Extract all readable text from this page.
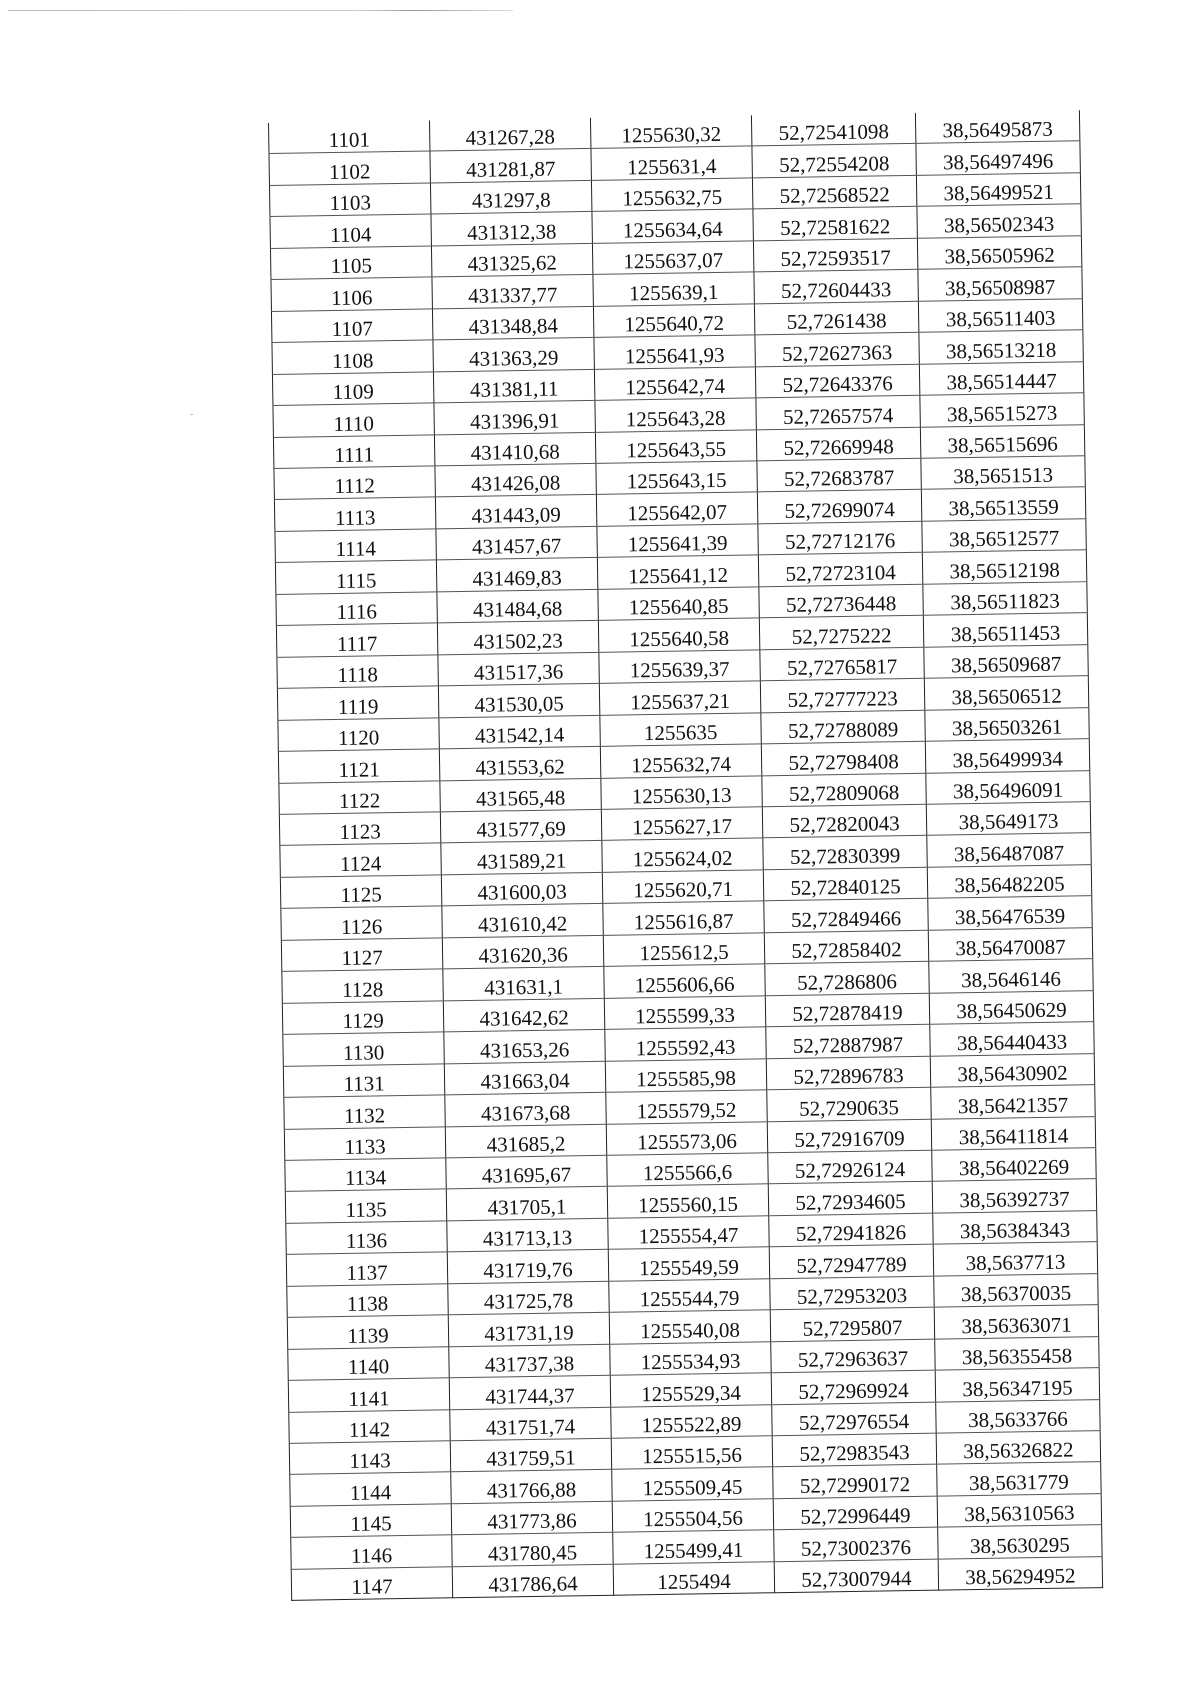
1101	431267,28	1255630,32	52,72541098	38,56495873
1102	431281,87	1255631,4	52,72554208	38,56497496
1103	431297,8	1255632,75	52,72568522	38,56499521
1104	431312,38	1255634,64	52,72581622	38,56502343
1105	431325,62	1255637,07	52,72593517	38,56505962
1106	431337,77	1255639,1	52,72604433	38,56508987
1107	431348,84	1255640,72	52,7261438	38,56511403
1108	431363,29	1255641,93	52,72627363	38,56513218
1109	431381,11	1255642,74	52,72643376	38,56514447
1110	431396,91	1255643,28	52,72657574	38,56515273
1111	431410,68	1255643,55	52,72669948	38,56515696
1112	431426,08	1255643,15	52,72683787	38,5651513
1113	431443,09	1255642,07	52,72699074	38,56513559
1114	431457,67	1255641,39	52,72712176	38,56512577
1115	431469,83	1255641,12	52,72723104	38,56512198
1116	431484,68	1255640,85	52,72736448	38,56511823
1117	431502,23	1255640,58	52,7275222	38,56511453
1118	431517,36	1255639,37	52,72765817	38,56509687
1119	431530,05	1255637,21	52,72777223	38,56506512
1120	431542,14	1255635	52,72788089	38,56503261
1121	431553,62	1255632,74	52,72798408	38,56499934
1122	431565,48	1255630,13	52,72809068	38,56496091
1123	431577,69	1255627,17	52,72820043	38,5649173
1124	431589,21	1255624,02	52,72830399	38,56487087
1125	431600,03	1255620,71	52,72840125	38,56482205
1126	431610,42	1255616,87	52,72849466	38,56476539
1127	431620,36	1255612,5	52,72858402	38,56470087
1128	431631,1	1255606,66	52,7286806	38,5646146
1129	431642,62	1255599,33	52,72878419	38,56450629
1130	431653,26	1255592,43	52,72887987	38,56440433
1131	431663,04	1255585,98	52,72896783	38,56430902
1132	431673,68	1255579,52	52,7290635	38,56421357
1133	431685,2	1255573,06	52,72916709	38,56411814
1134	431695,67	1255566,6	52,72926124	38,56402269
1135	431705,1	1255560,15	52,72934605	38,56392737
1136	431713,13	1255554,47	52,72941826	38,56384343
1137	431719,76	1255549,59	52,72947789	38,5637713
1138	431725,78	1255544,79	52,72953203	38,56370035
1139	431731,19	1255540,08	52,7295807	38,56363071
1140	431737,38	1255534,93	52,72963637	38,56355458
1141	431744,37	1255529,34	52,72969924	38,56347195
1142	431751,74	1255522,89	52,72976554	38,5633766
1143	431759,51	1255515,56	52,72983543	38,56326822
1144	431766,88	1255509,45	52,72990172	38,5631779
1145	431773,86	1255504,56	52,72996449	38,56310563
1146	431780,45	1255499,41	52,73002376	38,5630295
1147	431786,64	1255494	52,73007944	38,56294952
